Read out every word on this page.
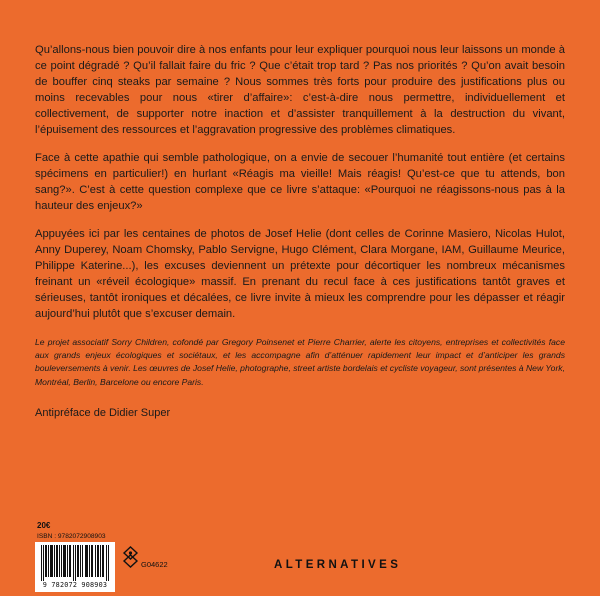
Qu’allons-nous bien pouvoir dire à nos enfants pour leur expliquer pourquoi nous leur laissons un monde à ce point dégradé ? Qu’il fallait faire du fric ? Que c’était trop tard ? Pas nos priorités ? Qu’on avait besoin de bouffer cinq steaks par semaine ? Nous sommes très forts pour produire des justifications plus ou moins recevables pour nous «tirer d’affaire»: c’est-à-dire nous permettre, individuellement et collectivement, de supporter notre inaction et d’assister tranquillement à la destruction du vivant, l’épuisement des ressources et l’aggravation progressive des problèmes climatiques.

Face à cette apathie qui semble pathologique, on a envie de secouer l’humanité tout entière (et certains spécimens en particulier!) en hurlant «Réagis ma vieille! Mais réagis! Qu’est-ce que tu attends, bon sang?». C’est à cette question complexe que ce livre s’attaque: «Pourquoi ne réagissons-nous pas à la hauteur des enjeux?»

Appuyées ici par les centaines de photos de Josef Helie (dont celles de Corinne Masiero, Nicolas Hulot, Anny Duperey, Noam Chomsky, Pablo Servigne, Hugo Clément, Clara Morgane, IAM, Guillaume Meurice, Philippe Katerine...), les excuses deviennent un prétexte pour décortiquer les nombreux mécanismes freinant un «réveil écologique» massif. En prenant du recul face à ces justifications tantôt graves et sérieuses, tantôt ironiques et décalées, ce livre invite à mieux les comprendre pour les dépasser et réagir aujourd’hui plutôt que s’excuser demain.

Le projet associatif Sorry Children, cofondé par Gregory Poinsenet et Pierre Charrier, alerte les citoyens, entreprises et collectivités face aux grands enjeux écologiques et sociétaux, et les accompagne afin d’atténuer rapidement leur impact et d’anticiper les grands bouleversements à venir. Les œuvres de Josef Helie, photographe, street artiste bordelais et cycliste voyageur, sont présentes à New York, Montréal, Berlin, Barcelone ou encore Paris.

Antipréface de Didier Super

20€
ISBN : 9782072908903
9 782072 908903
G04622	ALTERNATIVES
